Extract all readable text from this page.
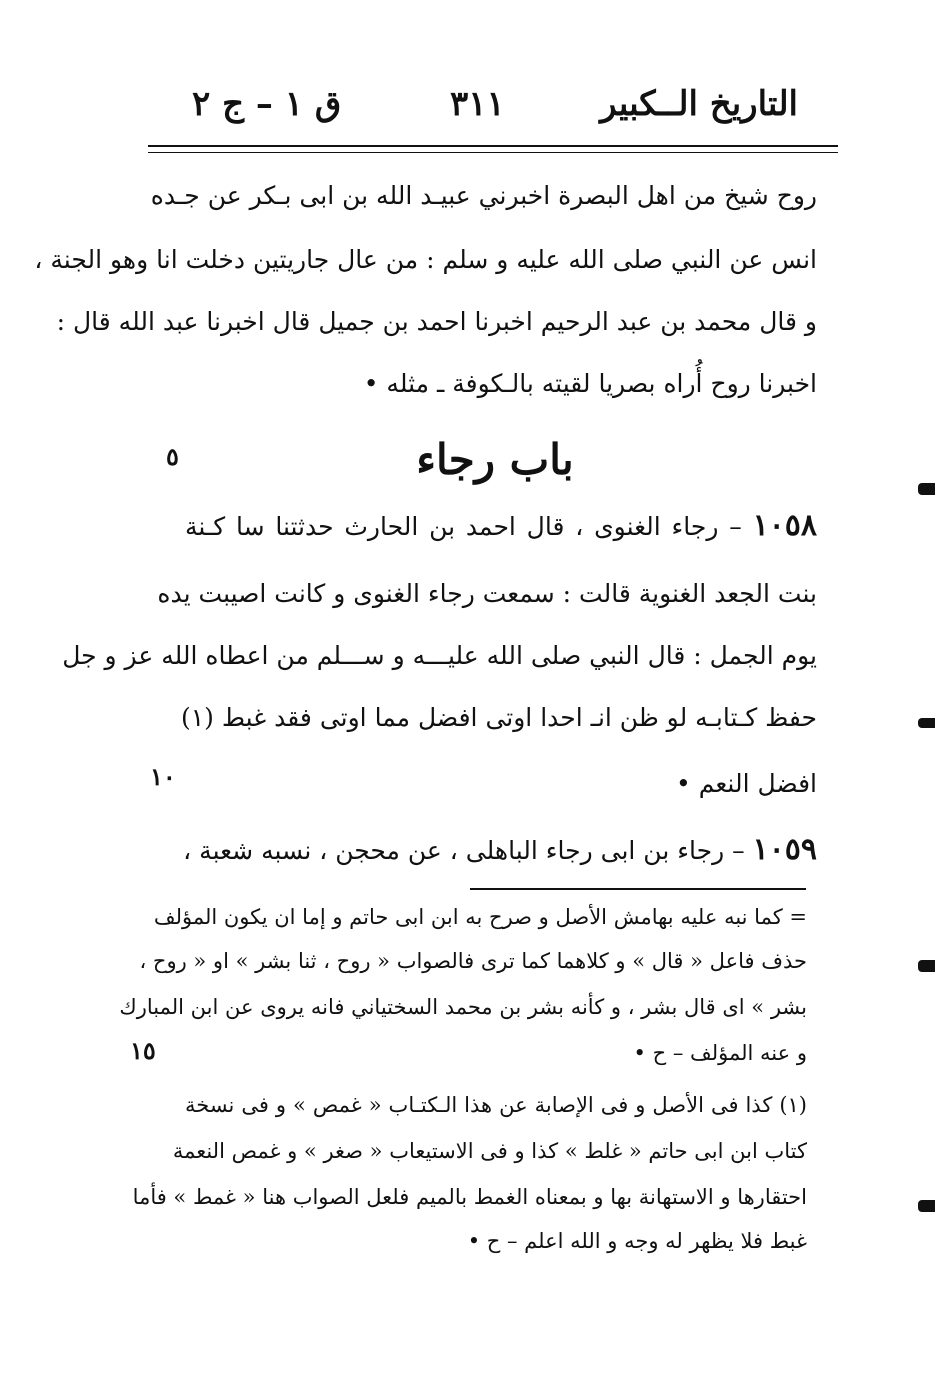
التاريخ الــكبير
٣١١
ق ١ – ج ٢
روح شيخ من اهل البصرة اخبرني عبيـد الله بن ابى بـكر عن جـده
انس عن النبي صلى الله عليه و سلم : من عال جاريتين دخلت انا وهو الجنة ،
و قال محمد بن عبد الرحيم اخبرنا احمد بن جميل قال اخبرنا عبد الله قال :
اخبرنا روح أُراه بصريا لقيته بالـكوفة ـ مثله •
باب رجاء
٥
١٠٥٨ – رجاء الغنوى ، قال احمد بن الحارث حدثتنا سا كـنة
بنت الجعد الغنوية قالت : سمعت رجاء الغنوى و كانت اصيبت يده
يوم الجمل : قال النبي صلى الله عليـــه و ســـلم من اعطاه الله عز و جل
حفظ كـتابـه لو ظن انـ احدا اوتى افضل مما اوتى فقد غبط (١)
افضل النعم •
١٠
١٠٥٩ – رجاء بن ابى رجاء الباهلى ، عن محجن ، نسبه شعبة ،
= كما نبه عليه بهامش الأصل و صرح به ابن ابى حاتم و إما ان يكون المؤلف
حذف فاعل « قال » و كلاهما كما ترى فالصواب « روح ، ثنا بشر » او « روح ،
بشر » اى قال بشر ، و كأنه بشر بن محمد السختياني فانه يروى عن ابن المبارك
و عنه المؤلف – ح •
١٥
(١) كذا فى الأصل و فى الإصابة عن هذا الـكتـاب « غمص » و فى نسخة
كتاب ابن ابى حاتم « غلط » كذا و فى الاستيعاب « صغر » و غمص النعمة
احتقارها و الاستهانة بها و بمعناه الغمط بالميم فلعل الصواب هنا « غمط » فأما
غبط فلا يظهر له وجه و الله اعلم – ح •
